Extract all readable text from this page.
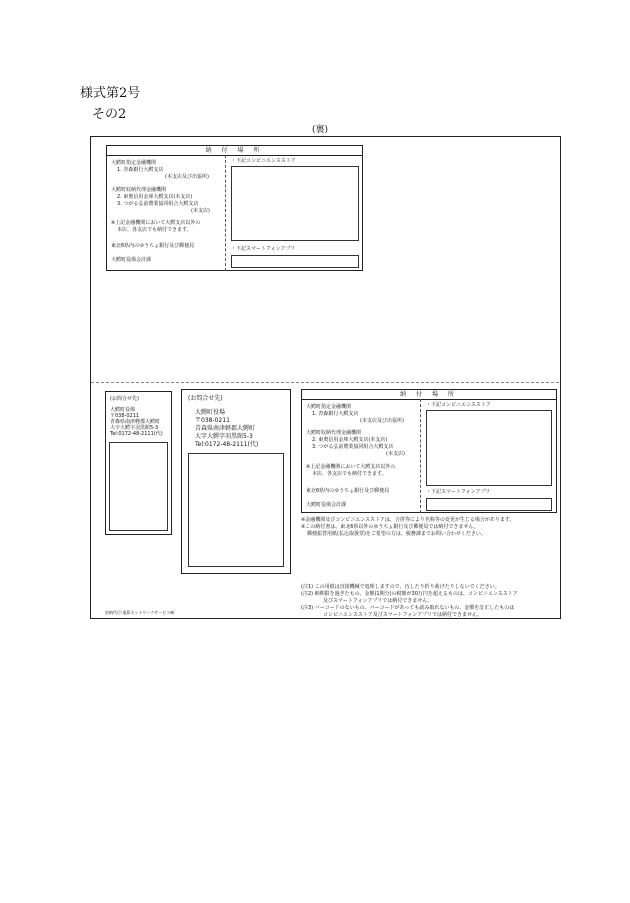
様式第2号
その2
(裏)
納 付 場 所
大鰐町指定金融機関
1. 青森銀行大鰐支店
(本支店及び出張所)
大鰐町収納代理金融機関
2. 東奥信用金庫大鰐支店(本支店)
3. つがる弘前農業協同組合大鰐支店
(本支店)
※上記金融機関において大鰐支店以外の
本店、各支店でも納付できます。
東北6県内のゆうちょ銀行及び郵便局
大鰐町役場会計課
・下記コンビニエンスストア
・下記スマートフォンアプリ
(お問合せ先)
大鰐町役場
〒038-0211
青森県南津軽郡大鰐町
大字大鰐字羽黒館5-3
Tel:0172-48-2111(代)
(お問合せ先)
大鰐町役場
〒038-0211
青森県南津軽郡大鰐町
大字大鰐字羽黒館5-3
Tel:0172-48-2111(代)
納 付 場 所
大鰐町指定金融機関
1. 青森銀行大鰐支店
(本支店及び出張所)
大鰐町収納代理金融機関
2. 東奥信用金庫大鰐支店(本支店)
3. つがる弘前農業協同組合大鰐支店
(本支店)
※上記金融機関において大鰐支店以外の
本店、各支店でも納付できます。
東北6県内のゆうちょ銀行及び郵便局
大鰐町役場会計課
・下記コンビニエンスストア
・下記スマートフォンアプリ
※金融機関及びコンビニエンスストアは、合併等により名称等の変更が生じる場合があります。
※この納付書は、東北6県以外のゆうちょ銀行及び郵便局では納付できません。
郵便振替用紙(払込取扱票)をご希望の方は、税務課までお問い合わせください。
(注1) この用紙は直接機械で処理しますので、汚したり折り曲げたりしないでください。
(注2) 納期限を過ぎたもの、金額(1期分)の税額が30万円を超えるものは、コンビニエンスストア
及びスマートフォンアプリでは納付できません。
(注3) バーコードのないもの、バーコードがあっても読み取れないもの、金額を訂正したものは
コンビニエンスストア及びスマートフォンアプリでは納付できません。
収納代行:電算ネットワークサービス㈱
